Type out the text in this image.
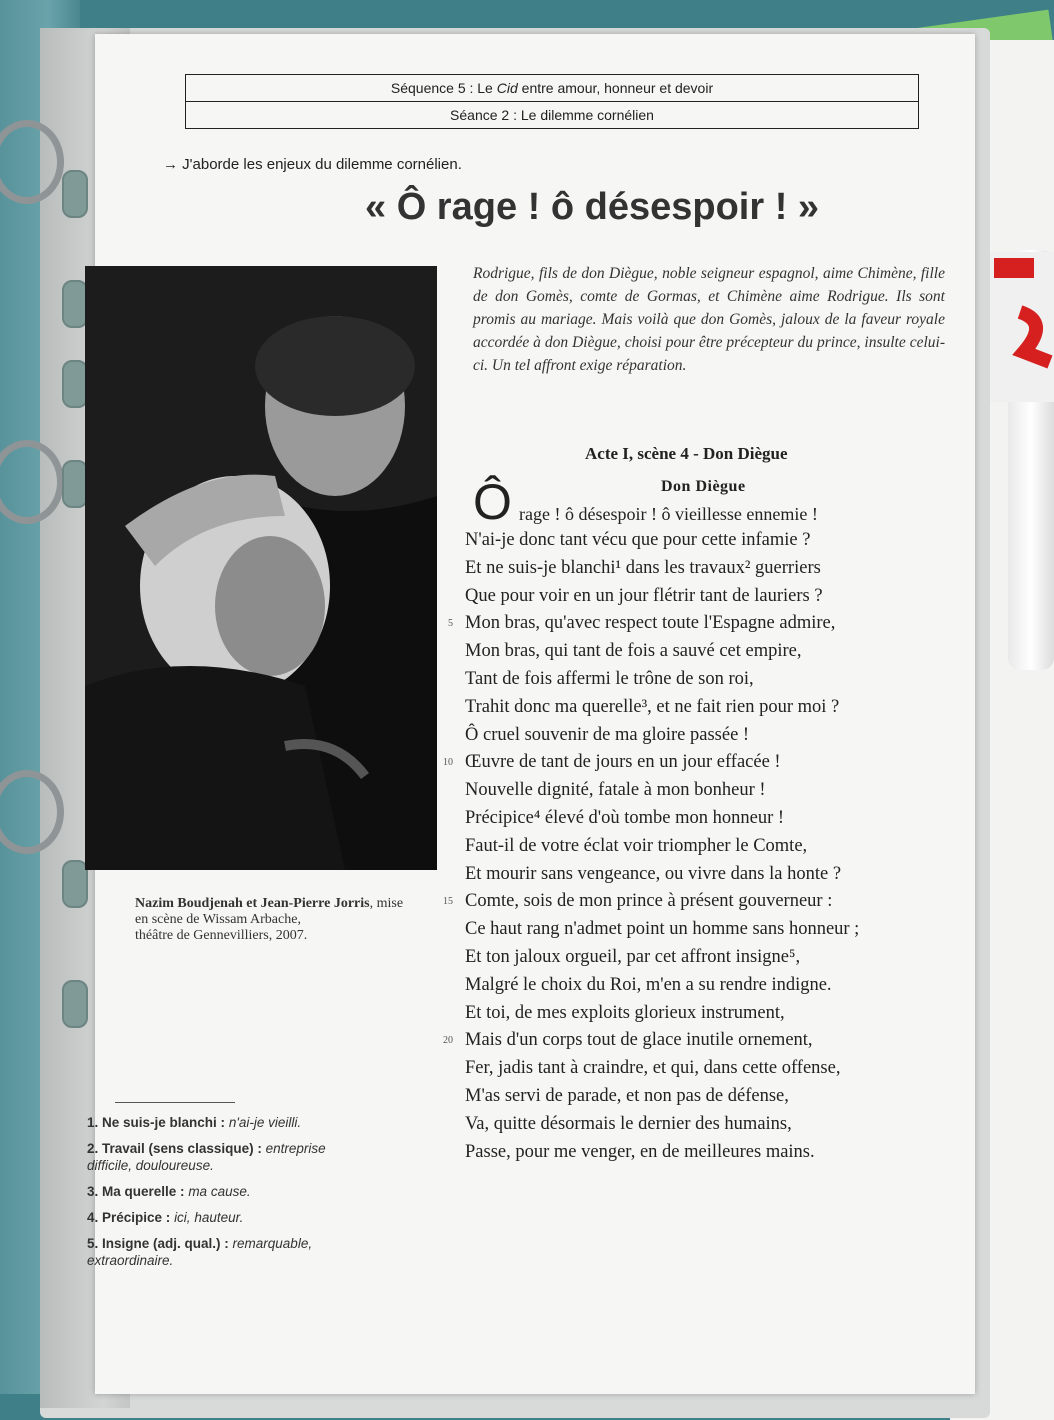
Séquence 5 : Le Cid entre amour, honneur et devoir
Séance 2 : Le dilemme cornélien
→ J'aborde les enjeux du dilemme cornélien.
« Ô rage ! ô désespoir ! »
Nazim Boudjenah et Jean-Pierre Jorris, mise en scène de Wissam Arbache,
théâtre de Gennevilliers, 2007.
Rodrigue, fils de don Diègue, noble seigneur espagnol, aime Chimène, fille de don Gomès, comte de Gormas, et Chimène aime Rodrigue. Ils sont promis au mariage. Mais voilà que don Gomès, jaloux de la faveur royale accordée à don Diègue, choisi pour être précepteur du prince, insulte celui-ci. Un tel affront exige réparation.
Acte I, scène 4 - Don Diègue
Don Diègue
Ô rage ! ô désespoir ! ô vieillesse ennemie !
N'ai-je donc tant vécu que pour cette infamie ?
Et ne suis-je blanchi¹ dans les travaux² guerriers
Que pour voir en un jour flétrir tant de lauriers ?
5 Mon bras, qu'avec respect toute l'Espagne admire,
Mon bras, qui tant de fois a sauvé cet empire,
Tant de fois affermi le trône de son roi,
Trahit donc ma querelle³, et ne fait rien pour moi ?
Ô cruel souvenir de ma gloire passée !
10 Œuvre de tant de jours en un jour effacée !
Nouvelle dignité, fatale à mon bonheur !
Précipice⁴ élevé d'où tombe mon honneur !
Faut-il de votre éclat voir triompher le Comte,
Et mourir sans vengeance, ou vivre dans la honte ?
15 Comte, sois de mon prince à présent gouverneur :
Ce haut rang n'admet point un homme sans honneur ;
Et ton jaloux orgueil, par cet affront insigne⁵,
Malgré le choix du Roi, m'en a su rendre indigne.
Et toi, de mes exploits glorieux instrument,
20 Mais d'un corps tout de glace inutile ornement,
Fer, jadis tant à craindre, et qui, dans cette offense,
M'as servi de parade, et non pas de défense,
Va, quitte désormais le dernier des humains,
Passe, pour me venger, en de meilleures mains.
1. Ne suis-je blanchi : n'ai-je vieilli.
2. Travail (sens classique) : entreprise difficile, douloureuse.
3. Ma querelle : ma cause.
4. Précipice : ici, hauteur.
5. Insigne (adj. qual.) : remarquable, extraordinaire.
